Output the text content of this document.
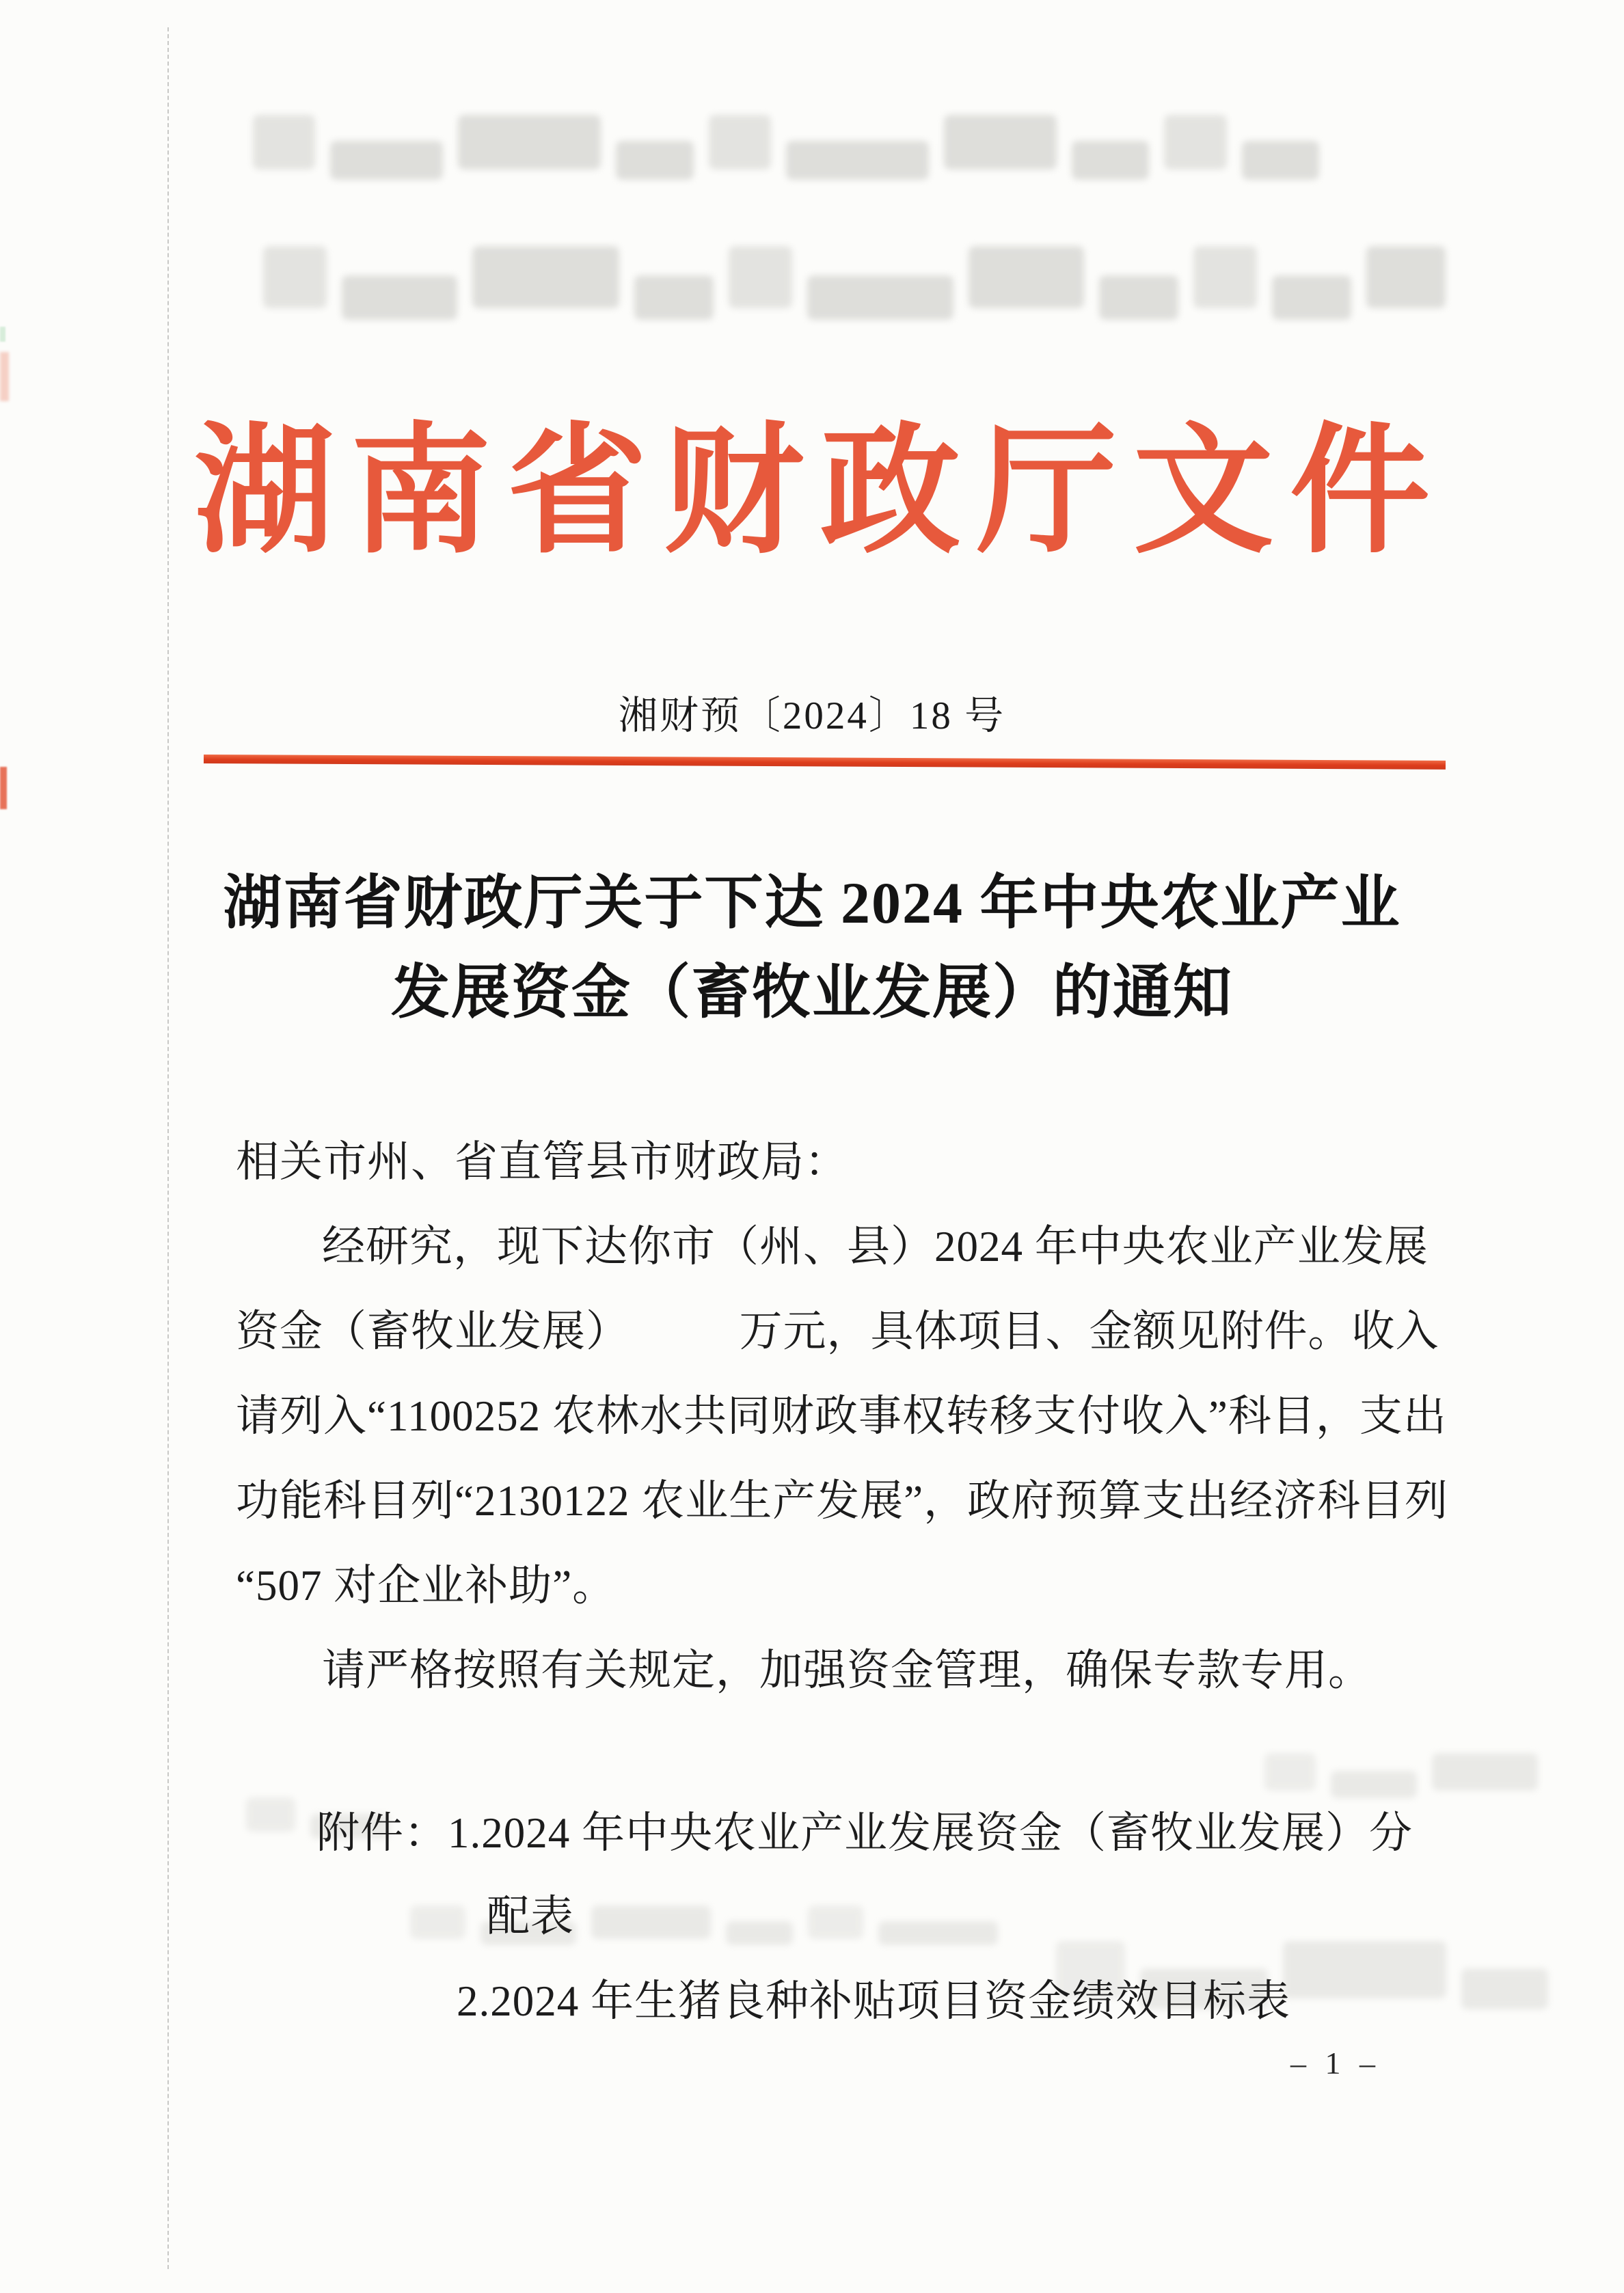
湖南省财政厅文件
湘财预〔2024〕18 号
湖南省财政厅关于下达 2024 年中央农业产业
发展资金（畜牧业发展）的通知
相关市州、省直管县市财政局：
经研究，现下达你市（州、县）2024 年中央农业产业发展
资金（畜牧业发展）　　　万元，具体项目、金额见附件。收入
请列入“1100252 农林水共同财政事权转移支付收入”科目，支出
功能科目列“2130122 农业生产发展”，政府预算支出经济科目列
“507 对企业补助”。
请严格按照有关规定，加强资金管理，确保专款专用。
附件：1.2024 年中央农业产业发展资金（畜牧业发展）分
配表
2.2024 年生猪良种补贴项目资金绩效目标表
– 1 –
